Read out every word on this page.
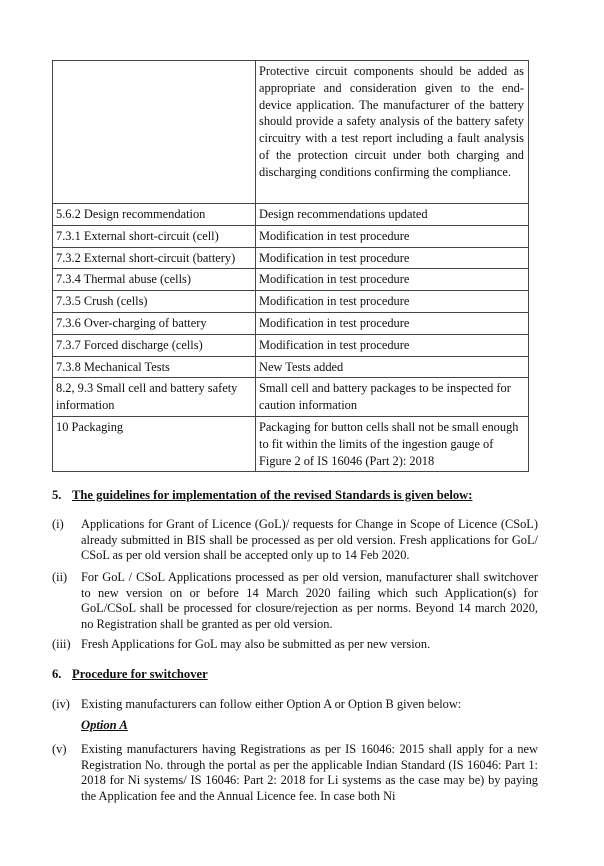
	Protective circuit components should be added as appropriate and consideration given to the end-device application. The manufacturer of the battery should provide a safety analysis of the battery safety circuitry with a test report including a fault analysis of the protection circuit under both charging and discharging conditions confirming the compliance.
5.6.2 Design recommendation	Design recommendations updated
7.3.1 External short-circuit (cell)	Modification in test procedure
7.3.2 External short-circuit (battery)	Modification in test procedure
7.3.4 Thermal abuse (cells)	Modification in test procedure
7.3.5 Crush (cells)	Modification in test procedure
7.3.6 Over-charging of battery	Modification in test procedure
7.3.7 Forced discharge (cells)	Modification in test procedure
7.3.8 Mechanical Tests	New Tests added
8.2, 9.3 Small cell and battery safety information	Small cell and battery packages to be inspected for caution information
10 Packaging	Packaging for button cells shall not be small enough to fit within the limits of the ingestion gauge of Figure 2 of IS 16046 (Part 2): 2018
5. The guidelines for implementation of the revised Standards is given below:
(i) Applications for Grant of Licence (GoL)/ requests for Change in Scope of Licence (CSoL) already submitted in BIS shall be processed as per old version. Fresh applications for GoL/ CSoL as per old version shall be accepted only up to 14 Feb 2020.
(ii) For GoL / CSoL Applications processed as per old version, manufacturer shall switchover to new version on or before 14 March 2020 failing which such Application(s) for GoL/CSoL shall be processed for closure/rejection as per norms. Beyond 14 march 2020, no Registration shall be granted as per old version.
(iii) Fresh Applications for GoL may also be submitted as per new version.
6. Procedure for switchover
(iv) Existing manufacturers can follow either Option A or Option B given below:
Option A
(v) Existing manufacturers having Registrations as per IS 16046: 2015 shall apply for a new Registration No. through the portal as per the applicable Indian Standard (IS 16046: Part 1: 2018 for Ni systems/ IS 16046: Part 2: 2018 for Li systems as the case may be) by paying the Application fee and the Annual Licence fee. In case both Ni
